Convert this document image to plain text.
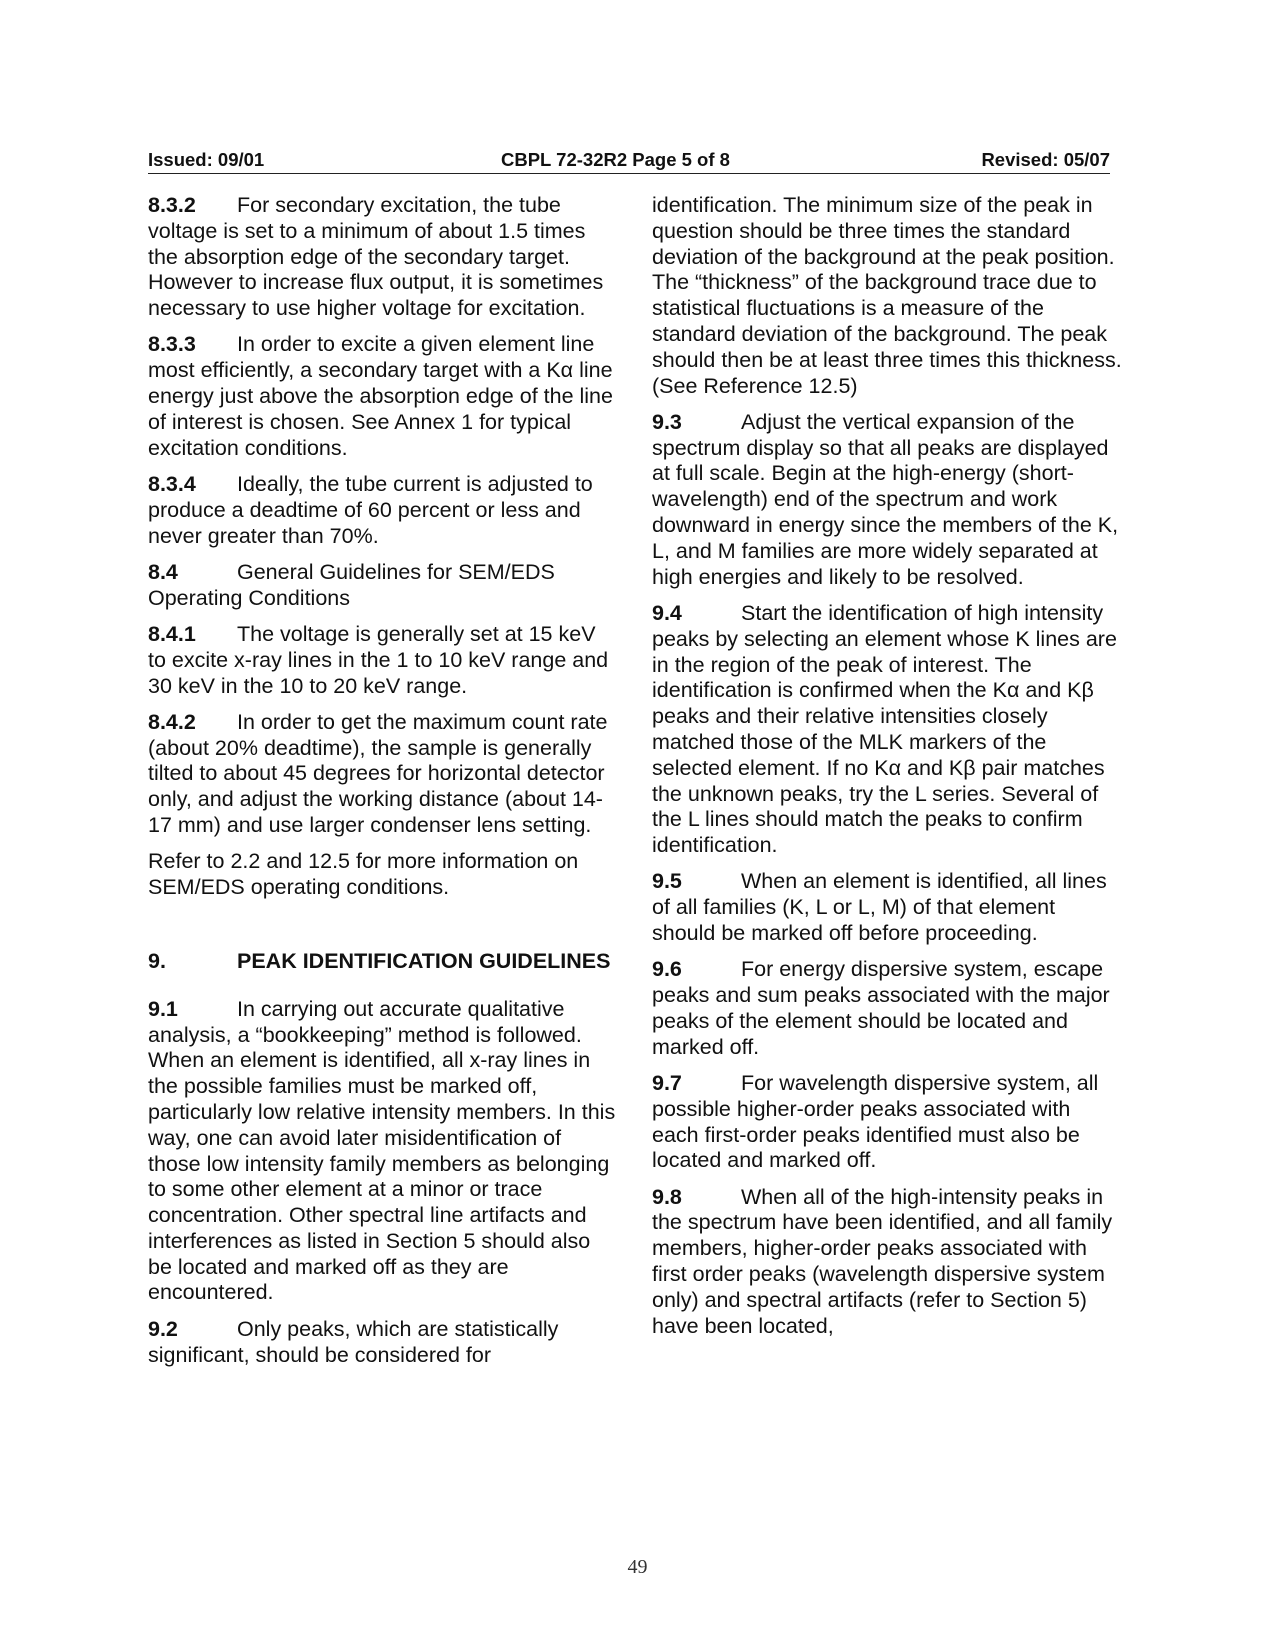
Issued: 09/01	CBPL 72-32R2 Page 5 of 8	Revised: 05/07

8.3.2 For secondary excitation, the tube voltage is set to a minimum of about 1.5 times the absorption edge of the secondary target. However to increase flux output, it is sometimes necessary to use higher voltage for excitation.

8.3.3 In order to excite a given element line most efficiently, a secondary target with a Kα line energy just above the absorption edge of the line of interest is chosen. See Annex 1 for typical excitation conditions.

8.3.4 Ideally, the tube current is adjusted to produce a deadtime of 60 percent or less and never greater than 70%.

8.4	General Guidelines for SEM/EDS Operating Conditions

8.4.1 The voltage is generally set at 15 keV to excite x-ray lines in the 1 to 10 keV range and 30 keV in the 10 to 20 keV range.

8.4.2 In order to get the maximum count rate (about 20% deadtime), the sample is generally tilted to about 45 degrees for horizontal detector only, and adjust the working distance (about 14-17 mm) and use larger condenser lens setting.

Refer to 2.2 and 12.5 for more information on SEM/EDS operating conditions.

9.	PEAK IDENTIFICATION GUIDELINES

9.1	In carrying out accurate qualitative analysis, a “bookkeeping” method is followed. When an element is identified, all x-ray lines in the possible families must be marked off, particularly low relative intensity members. In this way, one can avoid later misidentification of those low intensity family members as belonging to some other element at a minor or trace concentration. Other spectral line artifacts and interferences as listed in Section 5 should also be located and marked off as they are encountered.

9.2	Only peaks, which are statistically significant, should be considered for

identification. The minimum size of the peak in question should be three times the standard deviation of the background at the peak position. The “thickness” of the background trace due to statistical fluctuations is a measure of the standard deviation of the background. The peak should then be at least three times this thickness. (See Reference 12.5)

9.3	Adjust the vertical expansion of the spectrum display so that all peaks are displayed at full scale. Begin at the high-energy (short-wavelength) end of the spectrum and work downward in energy since the members of the K, L, and M families are more widely separated at high energies and likely to be resolved.

9.4	Start the identification of high intensity peaks by selecting an element whose K lines are in the region of the peak of interest. The identification is confirmed when the Kα and Kβ peaks and their relative intensities closely matched those of the MLK markers of the selected element. If no Kα and Kβ pair matches the unknown peaks, try the L series. Several of the L lines should match the peaks to confirm identification.

9.5	When an element is identified, all lines of all families (K, L or L, M) of that element should be marked off before proceeding.

9.6	For energy dispersive system, escape peaks and sum peaks associated with the major peaks of the element should be located and marked off.

9.7	For wavelength dispersive system, all possible higher-order peaks associated with each first-order peaks identified must also be located and marked off.

9.8	When all of the high-intensity peaks in the spectrum have been identified, and all family members, higher-order peaks associated with first order peaks (wavelength dispersive system only) and spectral artifacts (refer to Section 5) have been located,

49
